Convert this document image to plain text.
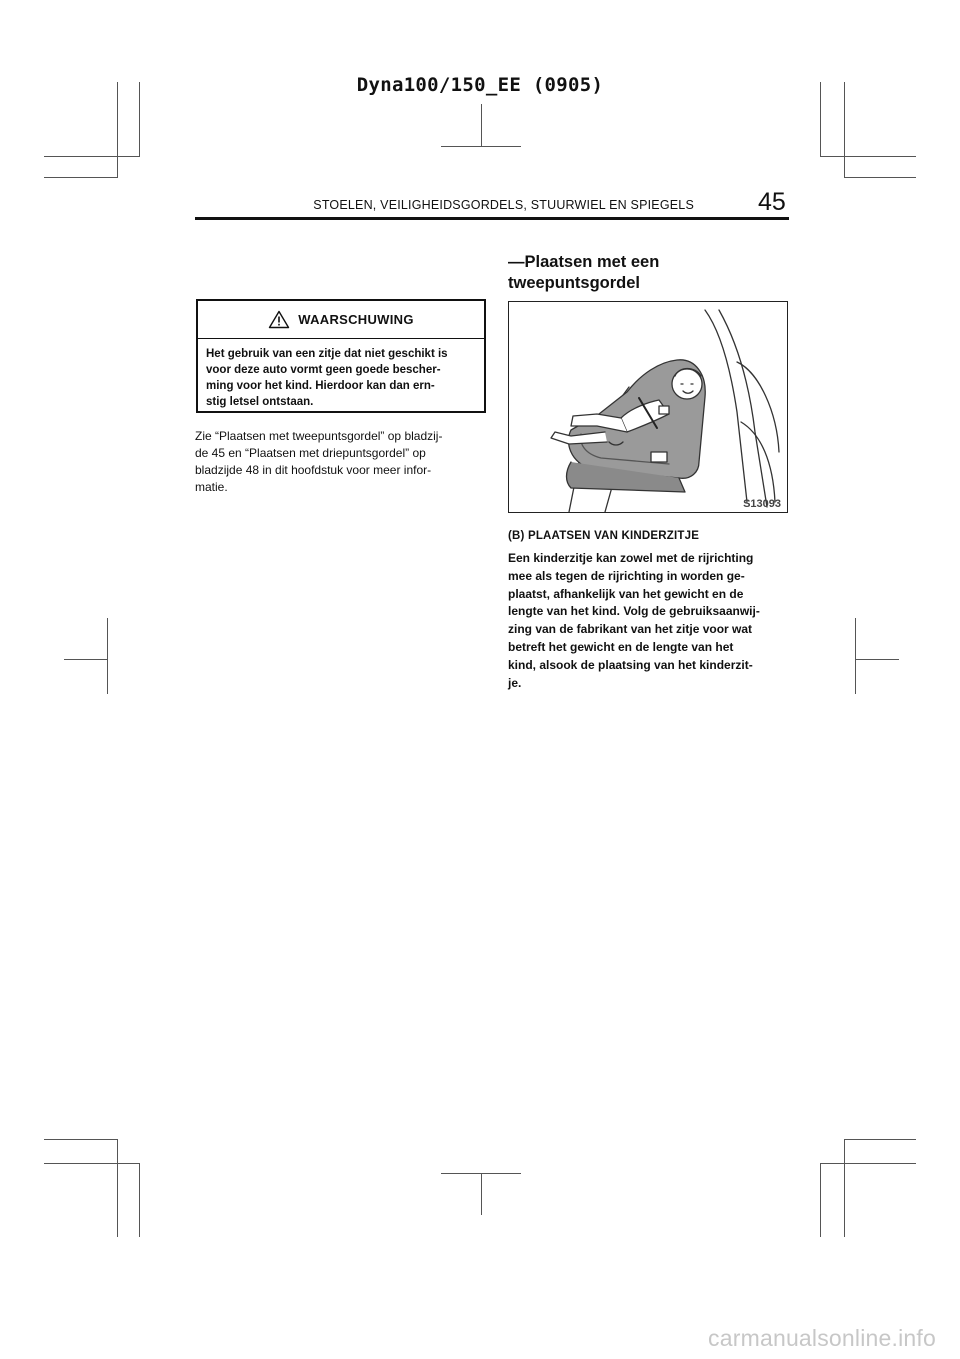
Dyna100/150_EE (0905)
STOELEN, VEILIGHEIDSGORDELS, STUURWIEL EN SPIEGELS	45
WAARSCHUWING
Het gebruik van een zitje dat niet geschikt is
voor deze auto vormt geen goede bescher-
ming voor het kind. Hierdoor kan dan ern-
stig letsel ontstaan.
Zie “Plaatsen met tweepuntsgordel” op bladzij-
de 45 en “Plaatsen met driepuntsgordel” op
bladzijde 48 in dit hoofdstuk voor meer infor-
matie.
—Plaatsen met een
tweepuntsgordel
S13093
(B) PLAATSEN VAN KINDERZITJE
Een kinderzitje kan zowel met de rijrichting
mee als tegen de rijrichting in worden ge-
plaatst, afhankelijk van het gewicht en de
lengte van het kind. Volg de gebruiksaanwij-
zing van de fabrikant van het zitje voor wat
betreft het gewicht en de lengte van het
kind, alsook de plaatsing van het kinderzit-
je.
carmanualsonline.info
